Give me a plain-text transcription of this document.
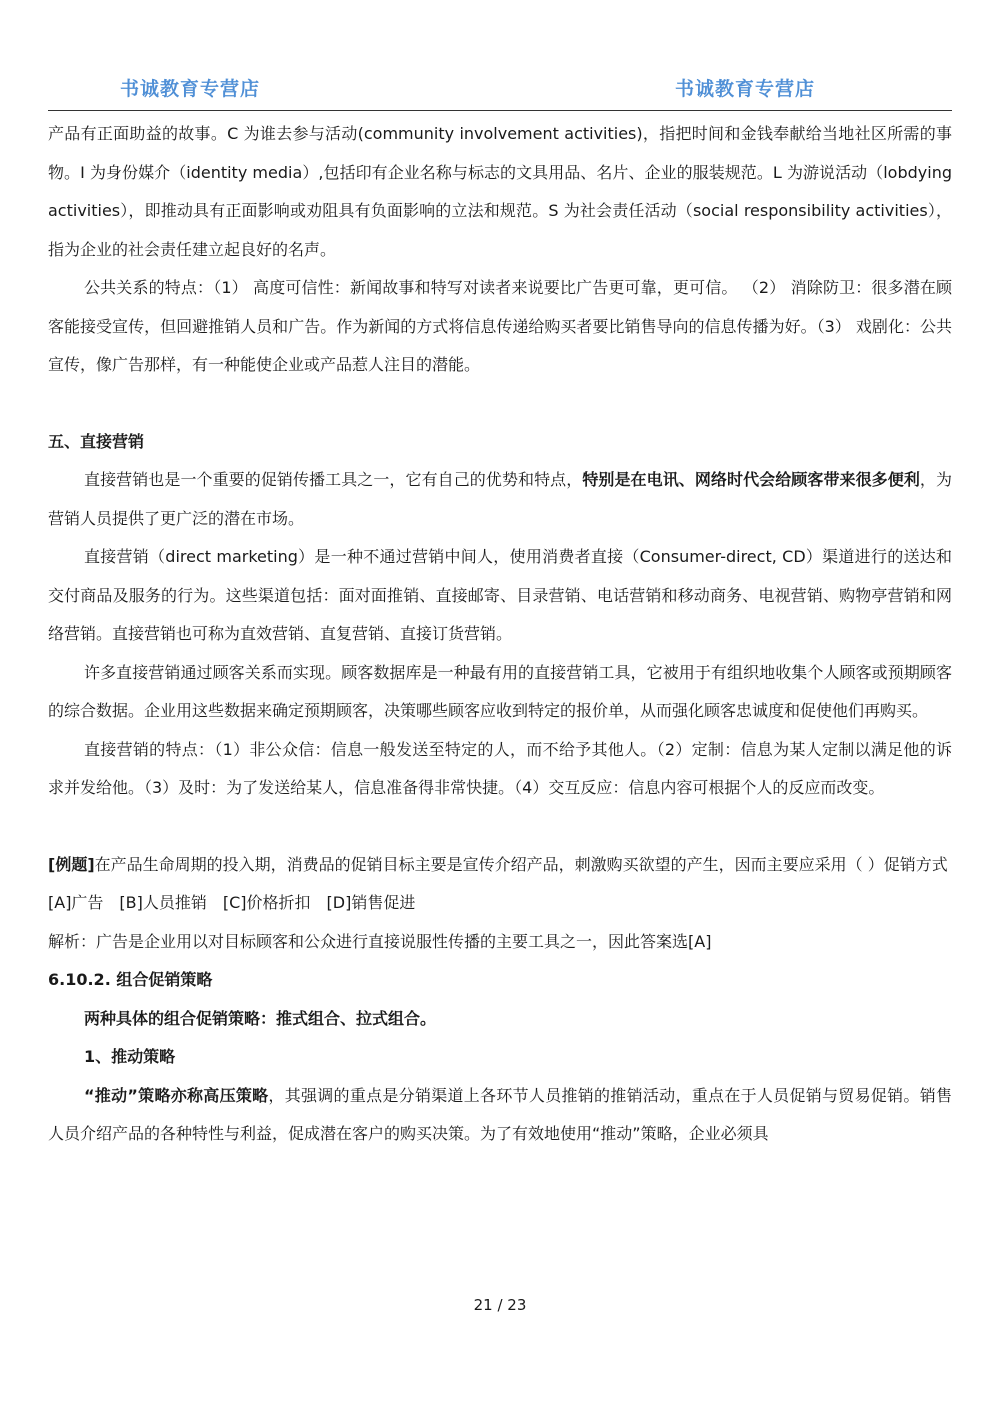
书诚教育专营店	书诚教育专营店

产品有正面助益的故事。C 为谁去参与活动(community involvement activities)，指把时间和金钱奉献给当地社区所需的事物。I 为身份媒介（identity media）,包括印有企业名称与标志的文具用品、名片、企业的服装规范。L 为游说活动（lobdying activities），即推动具有正面影响或劝阻具有负面影响的立法和规范。S 为社会责任活动（social responsibility activities），指为企业的社会责任建立起良好的名声。

公共关系的特点：（1） 高度可信性：新闻故事和特写对读者来说要比广告更可靠，更可信。 （2） 消除防卫：很多潜在顾客能接受宣传，但回避推销人员和广告。作为新闻的方式将信息传递给购买者要比销售导向的信息传播为好。（3） 戏剧化：公共宣传，像广告那样，有一种能使企业或产品惹人注目的潜能。

五、直接营销

直接营销也是一个重要的促销传播工具之一，它有自己的优势和特点，特别是在电讯、网络时代会给顾客带来很多便利，为营销人员提供了更广泛的潜在市场。

直接营销（direct marketing）是一种不通过营销中间人，使用消费者直接（Consumer-direct, CD）渠道进行的送达和交付商品及服务的行为。这些渠道包括：面对面推销、直接邮寄、目录营销、电话营销和移动商务、电视营销、购物亭营销和网络营销。直接营销也可称为直效营销、直复营销、直接订货营销。

许多直接营销通过顾客关系而实现。顾客数据库是一种最有用的直接营销工具，它被用于有组织地收集个人顾客或预期顾客的综合数据。企业用这些数据来确定预期顾客，决策哪些顾客应收到特定的报价单，从而强化顾客忠诚度和促使他们再购买。

直接营销的特点：（1）非公众信：信息一般发送至特定的人，而不给予其他人。（2）定制：信息为某人定制以满足他的诉求并发给他。（3）及时：为了发送给某人，信息准备得非常快捷。（4）交互反应：信息内容可根据个人的反应而改变。

[例题]在产品生命周期的投入期，消费品的促销目标主要是宣传介绍产品，刺激购买欲望的产生，因而主要应采用（ ）促销方式

[A]广告　[B]人员推销　[C]价格折扣　[D]销售促进

解析：广告是企业用以对目标顾客和公众进行直接说服性传播的主要工具之一，因此答案选[A]

6.10.2. 组合促销策略

两种具体的组合促销策略：推式组合、拉式组合。

1、推动策略

“推动”策略亦称高压策略，其强调的重点是分销渠道上各环节人员推销的推销活动，重点在于人员促销与贸易促销。销售人员介绍产品的各种特性与利益，促成潜在客户的购买决策。为了有效地使用“推动”策略，企业必须具

21 / 23
